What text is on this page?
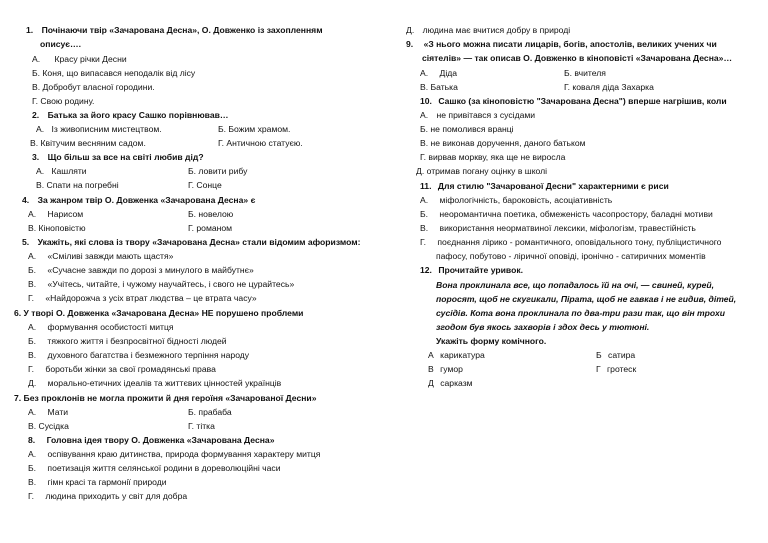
1. Почінаючи твір «Зачарована Десна», О. Довженко із захопленням
описує….
А. Красу річки Десни
Б. Коня, що випасався неподалік від лісу
В. Добробут власної городини.
Г. Свою родину.
2. Батька за його красу Сашко порівнював…
А. Із живописним мистецтвом.	Б. Божим храмом.
В. Квітучим весняним садом.	Г. Античною статуєю.
3. Що більш за все на світі любив дід?
А. Кашляти	Б. ловити рибу
В. Спати на погребні	Г. Сонце
4. За жанром твір О. Довженка «Зачарована Десна» є
А. Нарисом	Б. новелою
В. Кіноповістю	Г. романом
5. Укажіть, які слова із твору «Зачарована Десна» стали відомим афоризмом:
А. «Сміливі завжди мають щастя»
Б. «Сучасне завжди по дорозі з минулого в майбутнє»
В. «Учітесь, читайте, і чужому научайтесь, і свого не цурайтесь»
Г. «Найдорожча з усіх втрат людства – це втрата часу»
6. У творі О. Довженка «Зачарована Десна» НЕ порушено проблеми
А. формування особистості митця
Б. тяжкого життя і безпросвітної бідності людей
В. духовного багатства і безмежного терпіння народу
Г. боротьби жінки за свої громадянські права
Д. морально-етичних ідеалів та життєвих цінностей українців
7. Без проклонів не могла прожити й дня героїня «Зачарованої Десни»
А. Мати	Б. прабаба
В. Сусідка	Г. тітка
8. Головна ідея твору О. Довженка «Зачарована Десна»
А. оспівування краю дитинства, природа формування характеру митця
Б. поетизація життя селянської родини в дореволюційні часи
В. гімн красі та гармонії природи
Г. людина приходить у світ для добра
Д. людина має вчитися добру в природі
9. «З нього можна писати лицарів, богів, апостолів, великих учених чи
сіятелів» — так описав О. Довженко в кіноповісті «Зачарована Десна»…
А. Діда	Б. вчителя
В. Батька	Г. коваля діда Захарка
10. Сашко (за кіноповістю "Зачарована Десна") вперше нагрішив, коли
А. не привітався з сусідами
Б. не помолився вранці
В. не виконав доручення, даного батьком
Г. вирвав моркву, яка ще не виросла
Д. отримав погану оцінку в школі
11. Для стилю "Зачарованої Десни" характерними є риси
А. міфологічність, бароковість, асоціативність
Б. неоромантична поетика, обмеженість часопростору, баладні мотиви
В. використання неорматвиної лексики, міфологізм, травестійність
Г. поєднання лiрико - романтичного, оповiдального тону, публiцистичного
пафосу, побутово - лiричної оповiдi, iронiчно - сатиричних моментiв
12. Прочитайте уривок.
Вона проклинала все, що попадалось їй на очі, — свиней, курей,
поросят, щоб не скугикали, Пірата, щоб не гавкав і не гидив, дітей,
сусідів. Кота вона проклинала по два-три рази так, що він трохи
згодом був якось захворів і здох десь у тютюні.
Укажіть форму комічного.
А карикатура	Б сатира
В гумор	Г гротеск
Д сарказм
